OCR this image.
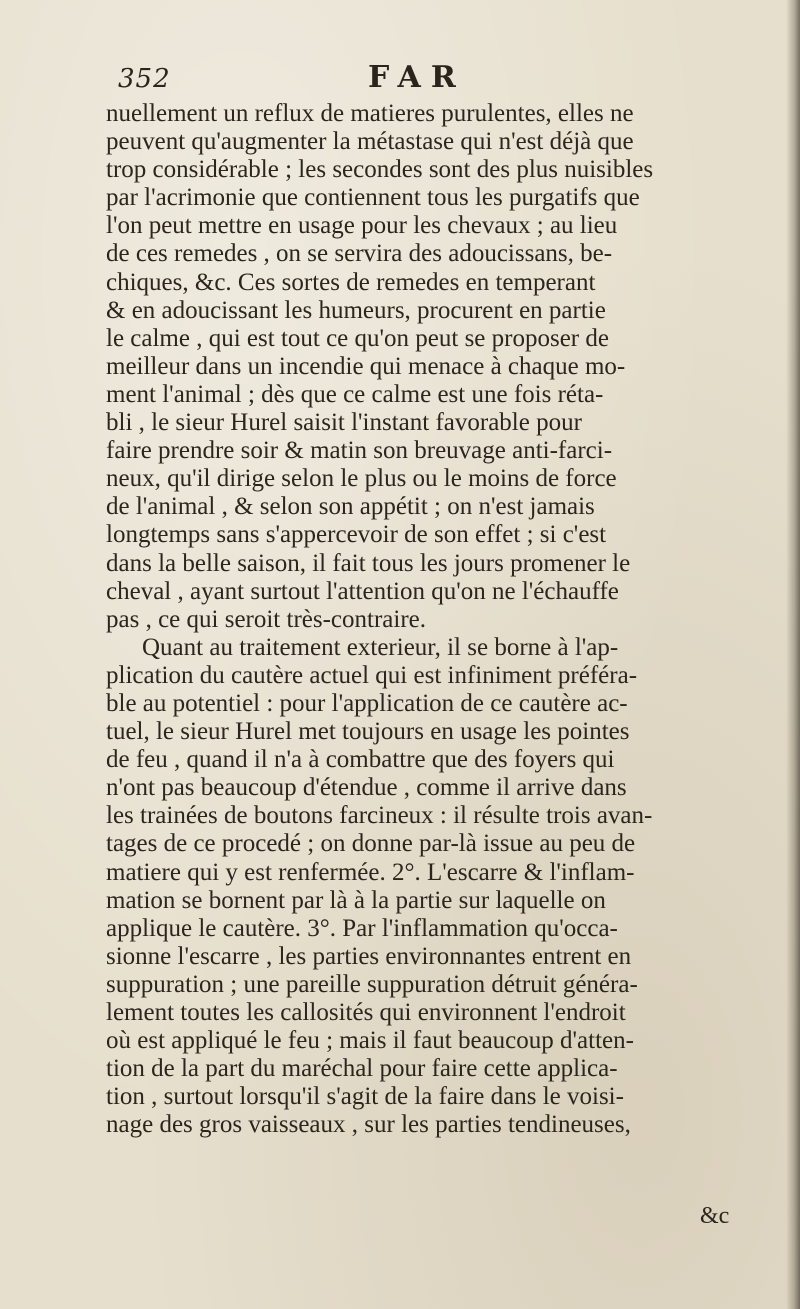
352	FAR
nuellement un reflux de matieres purulentes, elles ne
peuvent qu'augmenter la métastase qui n'est déjà que
trop considérable ; les secondes sont des plus nuisibles
par l'acrimonie que contiennent tous les purgatifs que
l'on peut mettre en usage pour les chevaux ; au lieu
de ces remedes , on se servira des adoucissans, be-
chiques, &c. Ces sortes de remedes en temperant
& en adoucissant les humeurs, procurent en partie
le calme , qui est tout ce qu'on peut se proposer de
meilleur dans un incendie qui menace à chaque mo-
ment l'animal ; dès que ce calme est une fois réta-
bli , le sieur Hurel saisit l'instant favorable pour
faire prendre soir & matin son breuvage anti-farci-
neux, qu'il dirige selon le plus ou le moins de force
de l'animal , & selon son appétit ; on n'est jamais
longtemps sans s'appercevoir de son effet ; si c'est
dans la belle saison, il fait tous les jours promener le
cheval , ayant surtout l'attention qu'on ne l'échauffe
pas , ce qui seroit très-contraire.
Quant au traitement exterieur, il se borne à l'ap-
plication du cautère actuel qui est infiniment préféra-
ble au potentiel : pour l'application de ce cautère ac-
tuel, le sieur Hurel met toujours en usage les pointes
de feu , quand il n'a à combattre que des foyers qui
n'ont pas beaucoup d'étendue , comme il arrive dans
les trainées de boutons farcineux : il résulte trois avan-
tages de ce procedé ; on donne par-là issue au peu de
matiere qui y est renfermée. 2°. L'escarre & l'inflam-
mation se bornent par là à la partie sur laquelle on
applique le cautère. 3°. Par l'inflammation qu'occa-
sionne l'escarre , les parties environnantes entrent en
suppuration ; une pareille suppuration détruit généra-
lement toutes les callosités qui environnent l'endroit
où est appliqué le feu ; mais il faut beaucoup d'atten-
tion de la part du maréchal pour faire cette applica-
tion , surtout lorsqu'il s'agit de la faire dans le voisi-
nage des gros vaisseaux , sur les parties tendineuses,
&c
